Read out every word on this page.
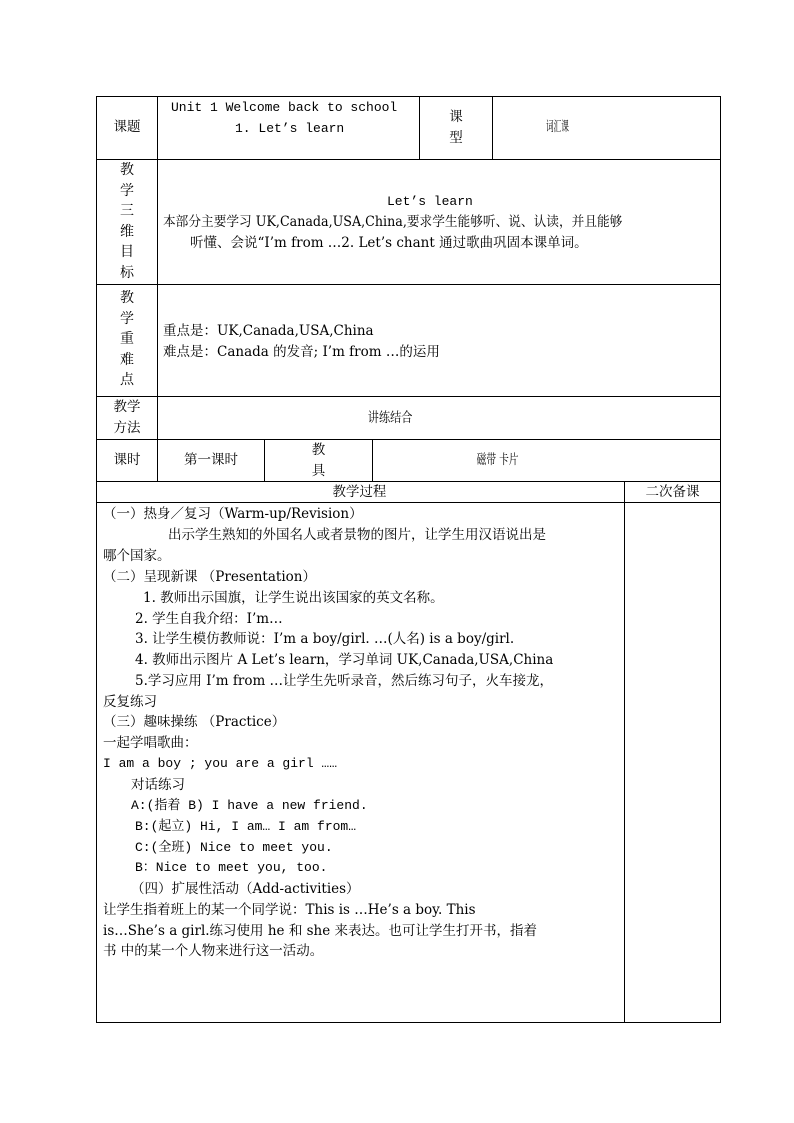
课题
Unit 1 Welcome back to school
1. Let’s learn
课
型
词汇课
教
学
三
维
目
标
Let’s learn
本部分主要学习 UK,Canada,USA,China,要求学生能够听、说、认读，并且能够
听懂、会说“I’m from …2. Let’s chant 通过歌曲巩固本课单词。
教
学
重
难
点
重点是：UK,Canada,USA,China
难点是：Canada 的发音; I’m from …的运用
教学
方法
讲练结合
课时	第一课时
教
具
磁带 卡片
教学过程	二次备课
（一）热身／复习（Warm-up/Revision）
出示学生熟知的外国名人或者景物的图片，让学生用汉语说出是
哪个国家。
（二）呈现新课 （Presentation）
1. 教师出示国旗，让学生说出该国家的英文名称。
2. 学生自我介绍：I’m…
3. 让学生模仿教师说：I’m a boy/girl. …(人名) is a boy/girl.
4. 教师出示图片 A Let’s learn，学习单词 UK,Canada,USA,China
5.学习应用 I’m from …让学生先听录音，然后练习句子，火车接龙，
反复练习
（三）趣味操练 （Practice）
一起学唱歌曲：
I am a boy ; you are a girl ……
对话练习
A:(指着 B) I have a new friend.
B:(起立) Hi, I am… I am from…
C:(全班) Nice to meet you.
B：Nice to meet you, too.
（四）扩展性活动（Add-activities）
让学生指着班上的某一个同学说：This is …He’s a boy. This
is…She’s a girl.练习使用 he 和 she 来表达。也可让学生打开书，指着
书 中的某一个人物来进行这一活动。
